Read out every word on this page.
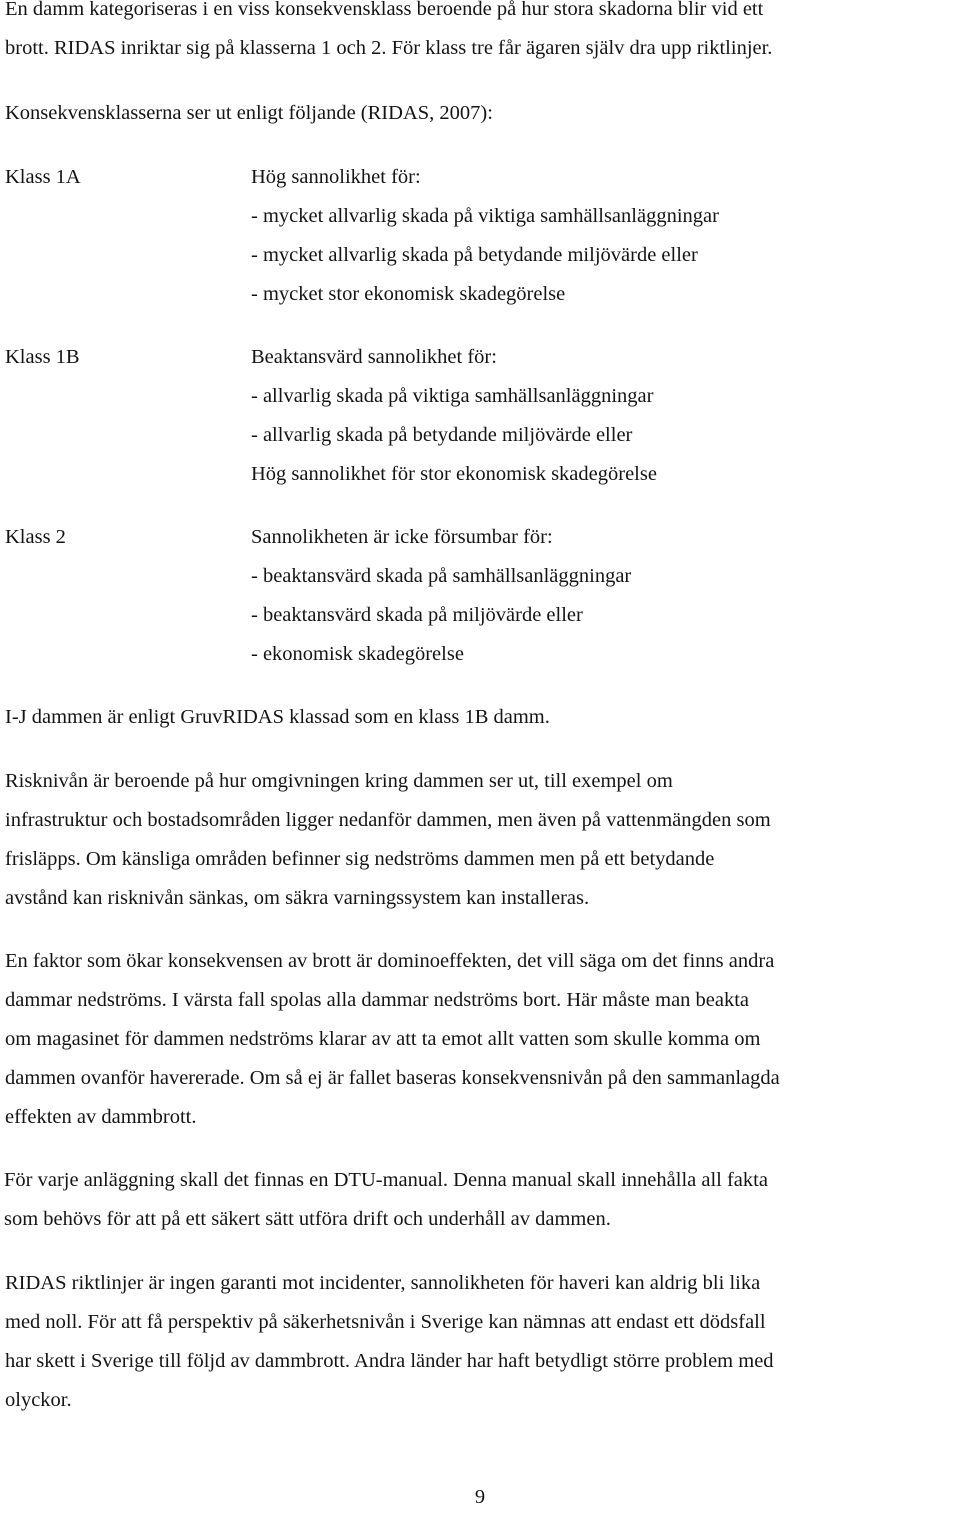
En damm kategoriseras i en viss konsekvensklass beroende på hur stora skadorna blir vid ett
brott. RIDAS inriktar sig på klasserna 1 och 2. För klass tre får ägaren själv dra upp riktlinjer.
Konsekvensklasserna ser ut enligt följande (RIDAS, 2007):
Klass 1A	Hög sannolikhet för:
- mycket allvarlig skada på viktiga samhällsanläggningar
- mycket allvarlig skada på betydande miljövärde eller
- mycket stor ekonomisk skadegörelse
Klass 1B	Beaktansvärd sannolikhet för:
- allvarlig skada på viktiga samhällsanläggningar
- allvarlig skada på betydande miljövärde eller
Hög sannolikhet för stor ekonomisk skadegörelse
Klass 2	Sannolikheten är icke försumbar för:
- beaktansvärd skada på samhällsanläggningar
- beaktansvärd skada på miljövärde eller
- ekonomisk skadegörelse
I-J dammen är enligt GruvRIDAS klassad som en klass 1B damm.
Risknivån är beroende på hur omgivningen kring dammen ser ut, till exempel om
infrastruktur och bostadsområden ligger nedanför dammen, men även på vattenmängden som
frisläpps. Om känsliga områden befinner sig nedströms dammen men på ett betydande
avstånd kan risknivån sänkas, om säkra varningssystem kan installeras.
En faktor som ökar konsekvensen av brott är dominoeffekten, det vill säga om det finns andra
dammar nedströms. I värsta fall spolas alla dammar nedströms bort. Här måste man beakta
om magasinet för dammen nedströms klarar av att ta emot allt vatten som skulle komma om
dammen ovanför havererade. Om så ej är fallet baseras konsekvensnivån på den sammanlagda
effekten av dammbrott.
För varje anläggning skall det finnas en DTU-manual. Denna manual skall innehålla all fakta
som behövs för att på ett säkert sätt utföra drift och underhåll av dammen.
RIDAS riktlinjer är ingen garanti mot incidenter, sannolikheten för haveri kan aldrig bli lika
med noll. För att få perspektiv på säkerhetsnivån i Sverige kan nämnas att endast ett dödsfall
har skett i Sverige till följd av dammbrott. Andra länder har haft betydligt större problem med
olyckor.
9
